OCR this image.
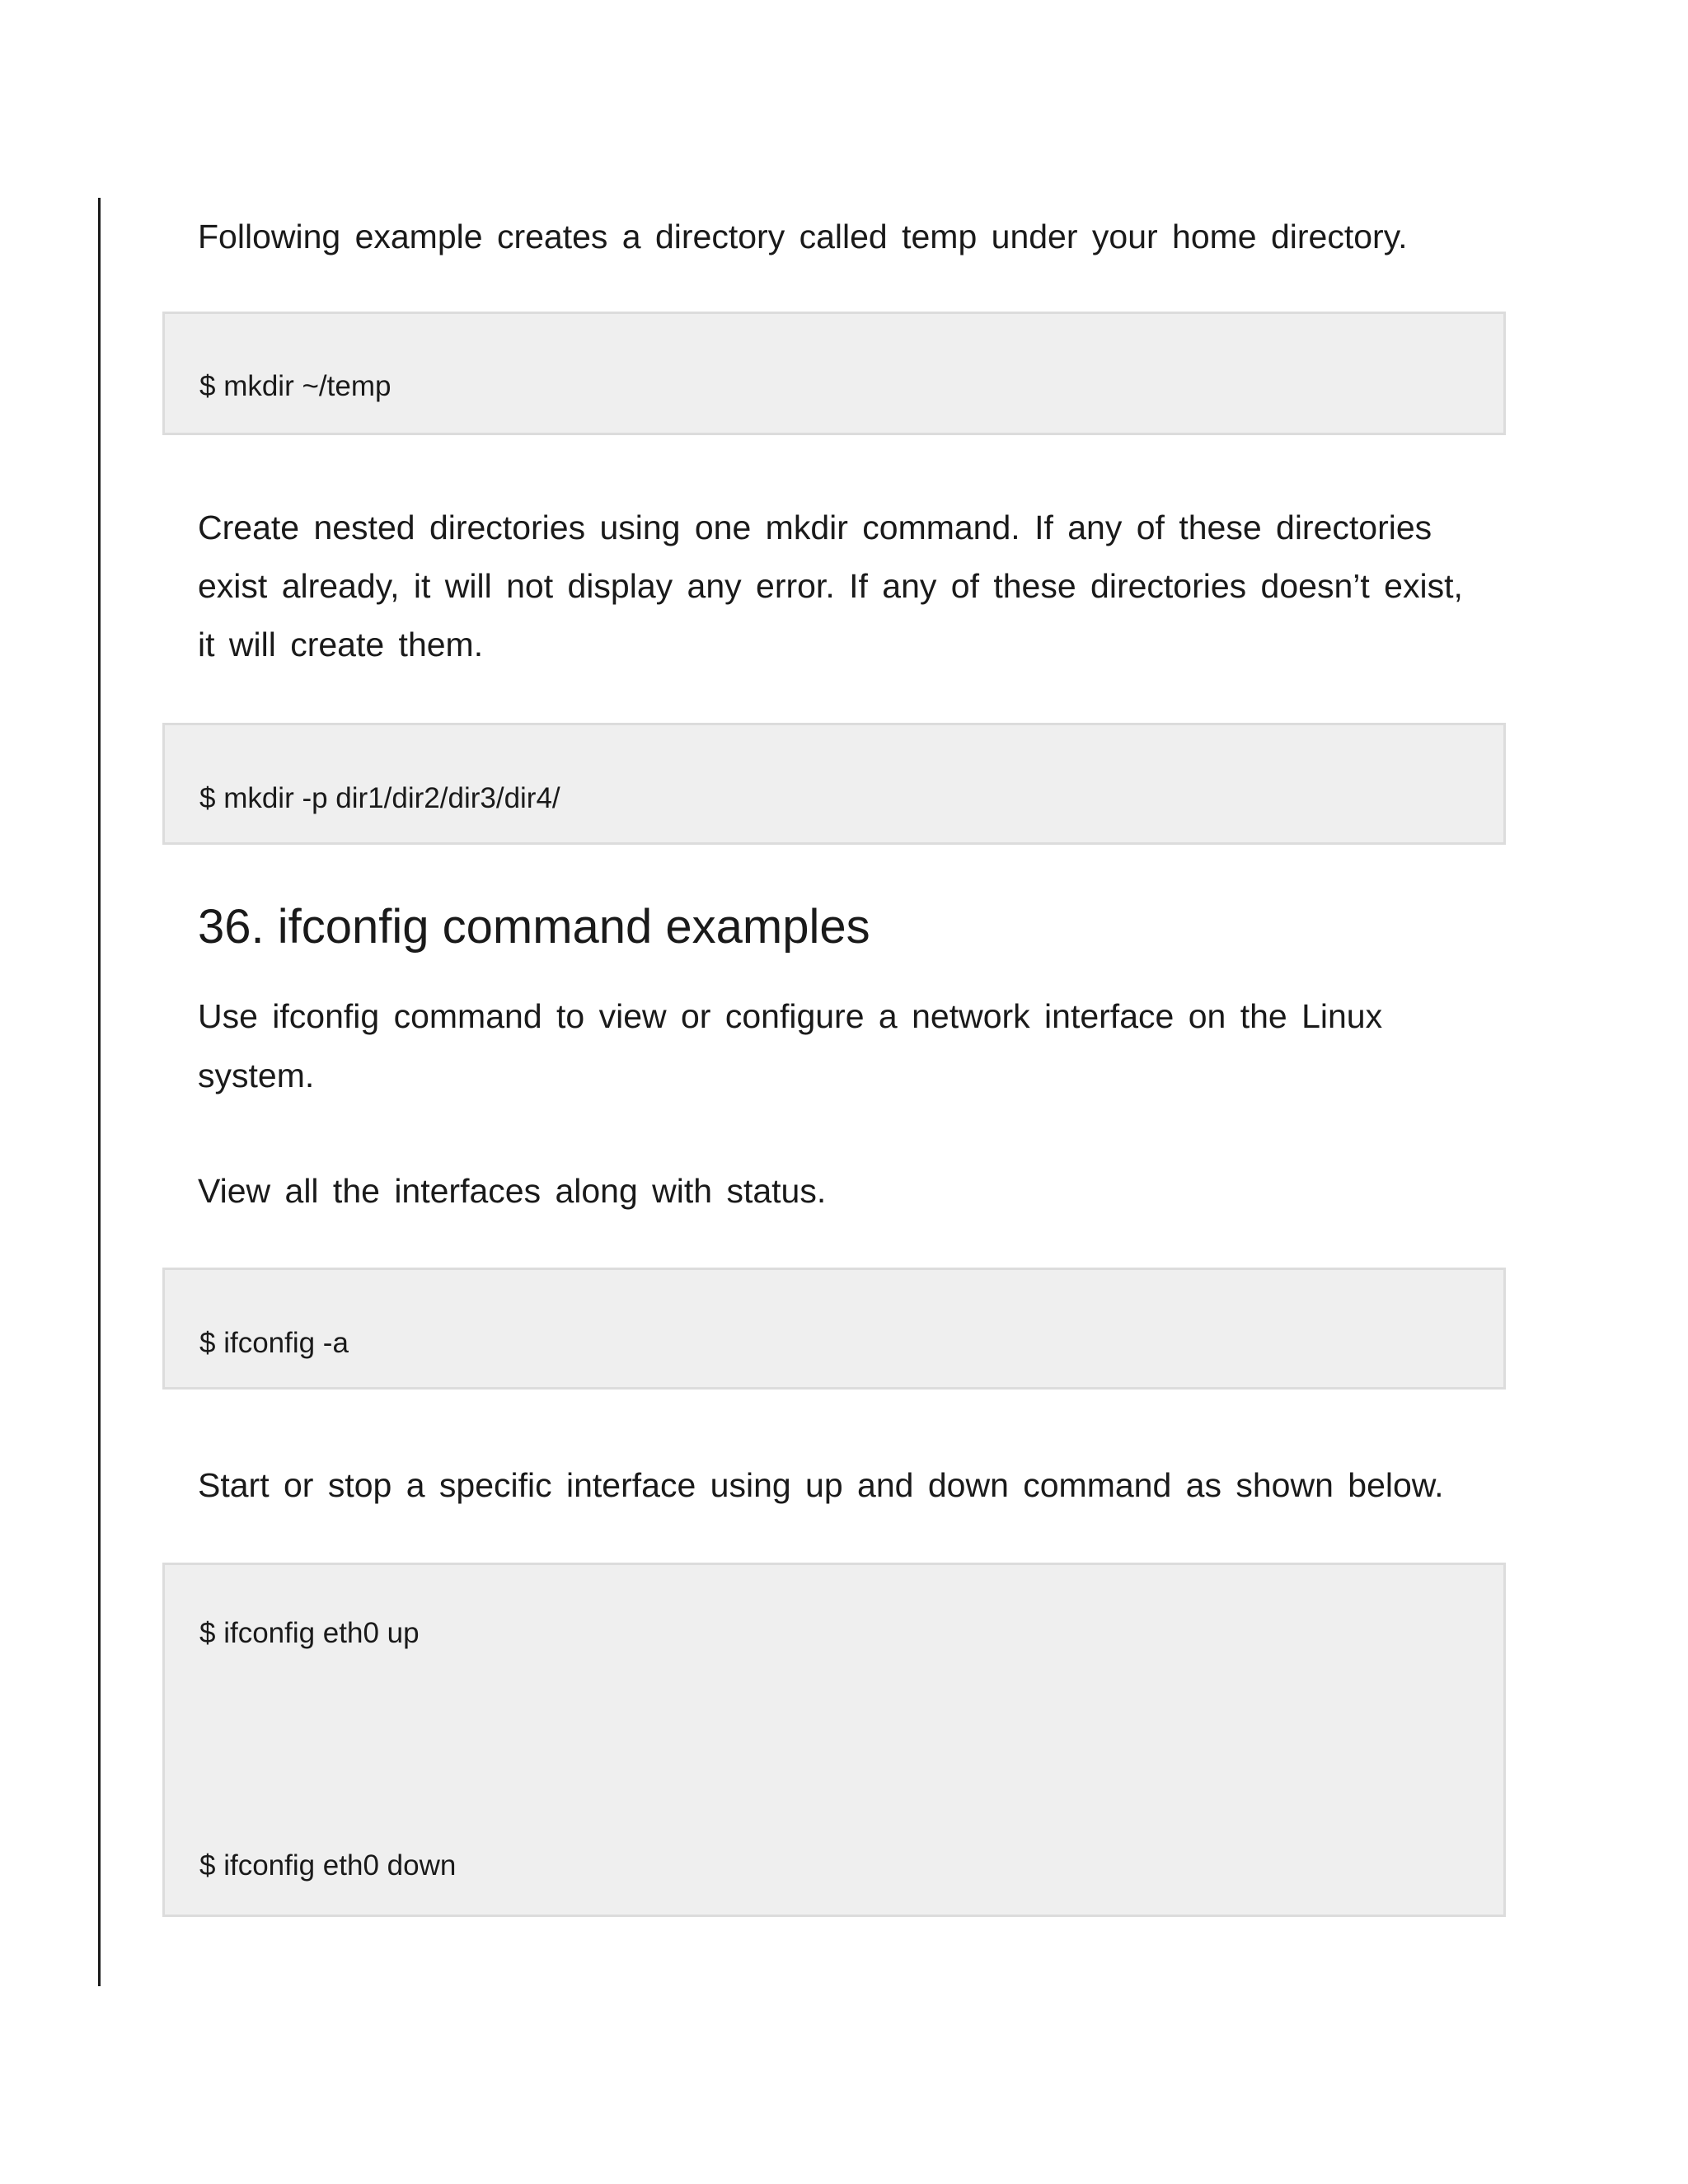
Following example creates a directory called temp under your home directory.

$ mkdir ~/temp

Create nested directories using one mkdir command. If any of these directories

exist already, it will not display any error. If any of these directories doesn’t exist,

it will create them.

$ mkdir -p dir1/dir2/dir3/dir4/

36. ifconfig command examples

Use ifconfig command to view or configure a network interface on the Linux

system.

View all the interfaces along with status.

$ ifconfig -a

Start or stop a specific interface using up and down command as shown below.

$ ifconfig eth0 up

$ ifconfig eth0 down
